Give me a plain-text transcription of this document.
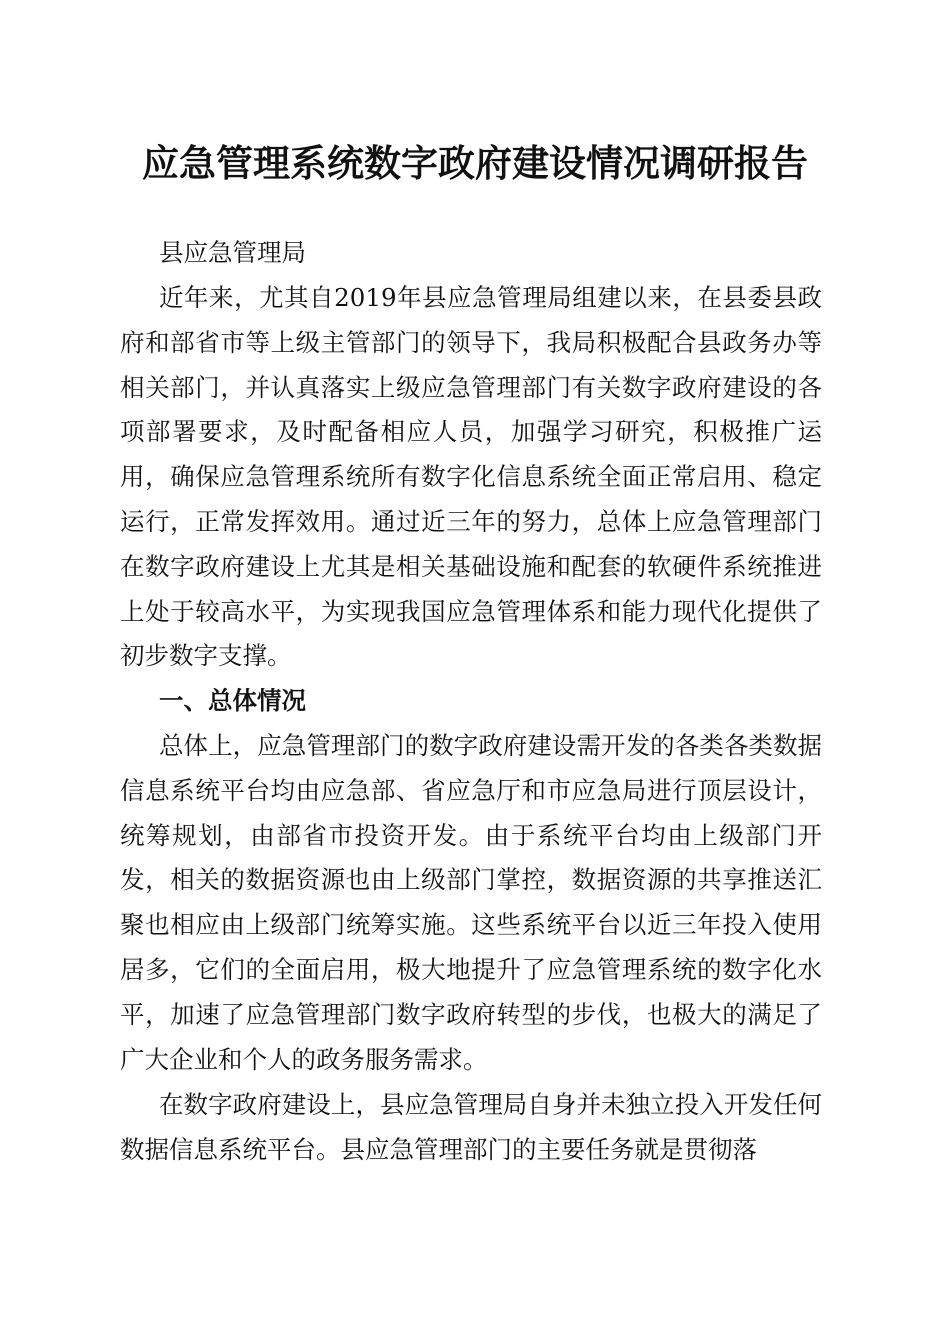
应急管理系统数字政府建设情况调研报告
县应急管理局
近年来，尤其自2019年县应急管理局组建以来，在县委县政府和部省市等上级主管部门的领导下，我局积极配合县政务办等相关部门，并认真落实上级应急管理部门有关数字政府建设的各项部署要求，及时配备相应人员，加强学习研究，积极推广运用，确保应急管理系统所有数字化信息系统全面正常启用、稳定运行，正常发挥效用。通过近三年的努力，总体上应急管理部门在数字政府建设上尤其是相关基础设施和配套的软硬件系统推进上处于较高水平，为实现我国应急管理体系和能力现代化提供了初步数字支撑。
一、总体情况
总体上，应急管理部门的数字政府建设需开发的各类各类数据信息系统平台均由应急部、省应急厅和市应急局进行顶层设计，统筹规划，由部省市投资开发。由于系统平台均由上级部门开发，相关的数据资源也由上级部门掌控，数据资源的共享推送汇聚也相应由上级部门统筹实施。这些系统平台以近三年投入使用居多，它们的全面启用，极大地提升了应急管理系统的数字化水平，加速了应急管理部门数字政府转型的步伐，也极大的满足了广大企业和个人的政务服务需求。
在数字政府建设上，县应急管理局自身并未独立投入开发任何数据信息系统平台。县应急管理部门的主要任务就是贯彻落
